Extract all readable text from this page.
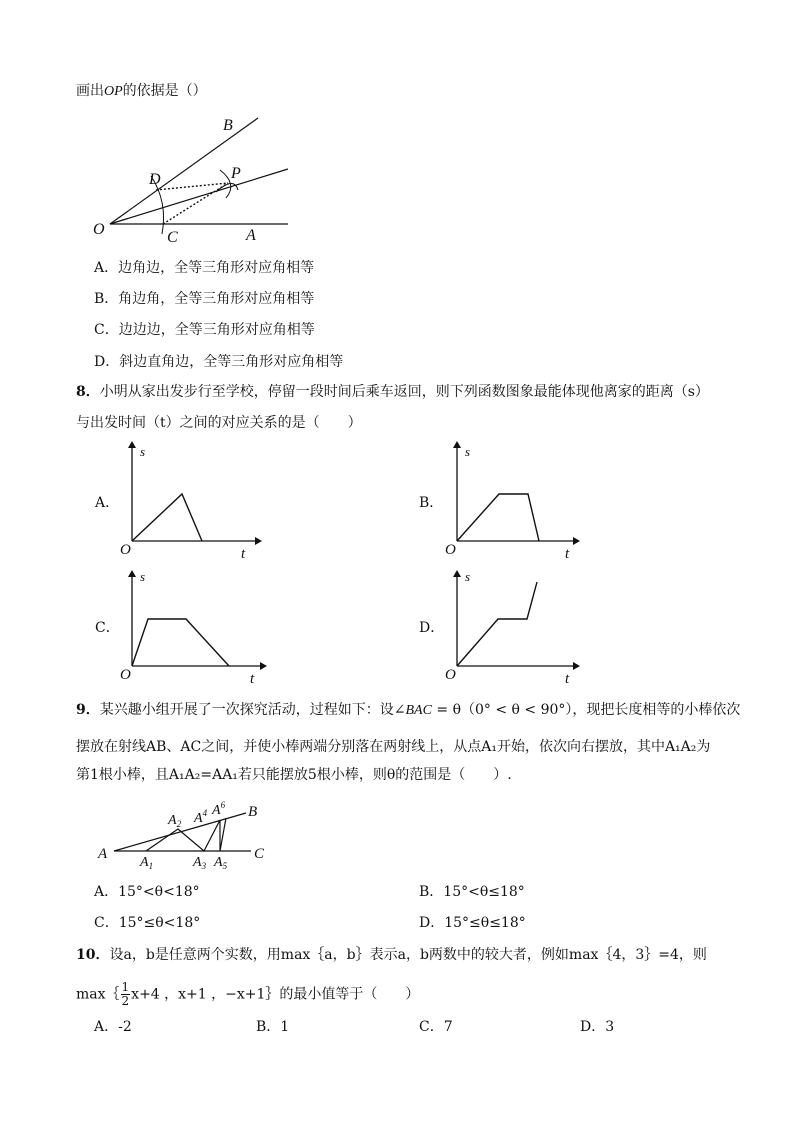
画出OP的依据是（）
O	C	A
D	P
B
A．边角边，全等三角形对应角相等
B．角边角，全等三角形对应角相等
C．边边边，全等三角形对应角相等
D．斜边直角边，全等三角形对应角相等
8．小明从家出发步行至学校，停留一段时间后乘车返回，则下列函数图象最能体现他离家的距离（s）
与出发时间（t）之间的对应关系的是（　　）
A．	B．
C．	D．
O
s
t	O
s
t
O
s
t	O
s
t
9．某兴趣小组开展了一次探究活动，过程如下：设∠BAC = θ（0° < θ < 90°），现把长度相等的小棒依次
摆放在射线AB、AC之间，并使小棒两端分别落在两射线上，从点A₁开始，依次向右摆放，其中A₁A₂为
第1根小棒，且A₁A₂=AA₁若只能摆放5根小棒，则θ的范围是（　　）.
A	C
B
$A_1$
$A_2$
$A_3$
$A^4$
$A_5$
$A^6$
A．15°<θ<18°	B．15°<θ≤18°
C．15°≤θ<18°	D．15°≤θ≤18°
10．设a，b是任意两个实数，用max｛a，b｝表示a，b两数中的较大者，例如max｛4，3｝=4，则
max｛ $\frac{1}{2} x+4$ ，x+1 ，−x+1｝的最小值等于（　　）
A．-2	B．1	C．7	D．3
